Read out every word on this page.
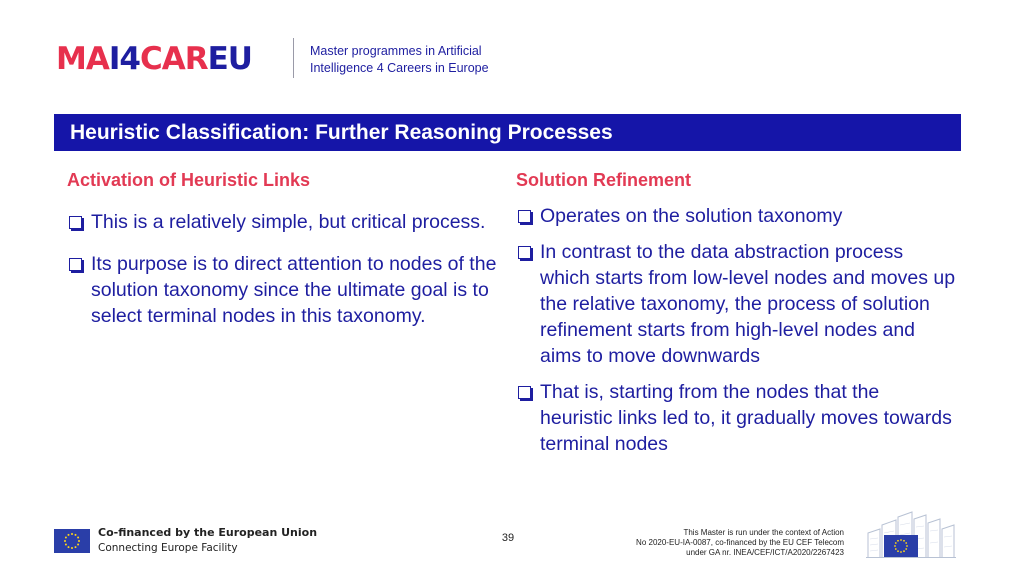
MAI4CAREU	Master programmes in Artificial
Intelligence 4 Careers in Europe
Heuristic Classification: Further Reasoning Processes
Activation of Heuristic Links
This is a relatively simple, but critical process.
Its purpose is to direct attention to nodes of the solution taxonomy since the ultimate goal is to select terminal nodes in this taxonomy.
Solution Refinement
Operates on the solution taxonomy
In contrast to the data abstraction process which starts from low-level nodes and moves up the relative taxonomy, the process of solution refinement starts from high-level nodes and aims to move downwards
That is, starting from the nodes that the heuristic links led to, it gradually moves towards terminal nodes
Co-financed by the European Union
Connecting Europe Facility
39	This Master is run under the context of Action
No 2020-EU-IA-0087, co-financed by the EU CEF Telecom
under GA nr. INEA/CEF/ICT/A2020/2267423
